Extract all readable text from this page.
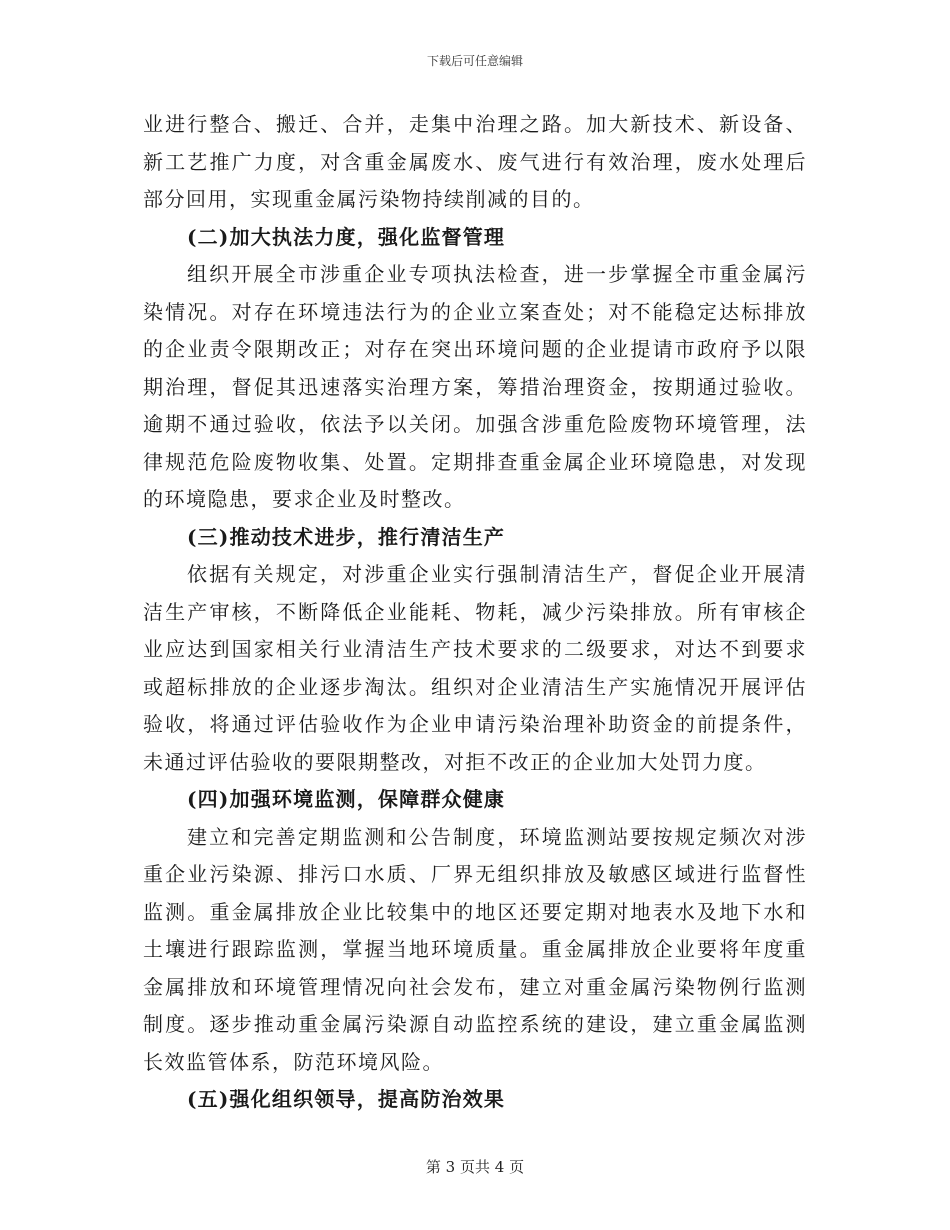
下载后可任意编辑

业进行整合、搬迁、合并，走集中治理之路。加大新技术、新设备、新工艺推广力度，对含重金属废水、废气进行有效治理，废水处理后部分回用，实现重金属污染物持续削减的目的。

(二)加大执法力度，强化监督管理

组织开展全市涉重企业专项执法检查，进一步掌握全市重金属污染情况。对存在环境违法行为的企业立案查处；对不能稳定达标排放的企业责令限期改正；对存在突出环境问题的企业提请市政府予以限期治理，督促其迅速落实治理方案，筹措治理资金，按期通过验收。逾期不通过验收，依法予以关闭。加强含涉重危险废物环境管理，法律规范危险废物收集、处置。定期排查重金属企业环境隐患，对发现的环境隐患，要求企业及时整改。

(三)推动技术进步，推行清洁生产

依据有关规定，对涉重企业实行强制清洁生产，督促企业开展清洁生产审核，不断降低企业能耗、物耗，减少污染排放。所有审核企业应达到国家相关行业清洁生产技术要求的二级要求，对达不到要求或超标排放的企业逐步淘汰。组织对企业清洁生产实施情况开展评估验收，将通过评估验收作为企业申请污染治理补助资金的前提条件，未通过评估验收的要限期整改，对拒不改正的企业加大处罚力度。

(四)加强环境监测，保障群众健康

建立和完善定期监测和公告制度，环境监测站要按规定频次对涉重企业污染源、排污口水质、厂界无组织排放及敏感区域进行监督性监测。重金属排放企业比较集中的地区还要定期对地表水及地下水和土壤进行跟踪监测，掌握当地环境质量。重金属排放企业要将年度重金属排放和环境管理情况向社会发布，建立对重金属污染物例行监测制度。逐步推动重金属污染源自动监控系统的建设，建立重金属监测长效监管体系，防范环境风险。

(五)强化组织领导，提高防治效果

第 3 页共 4 页
